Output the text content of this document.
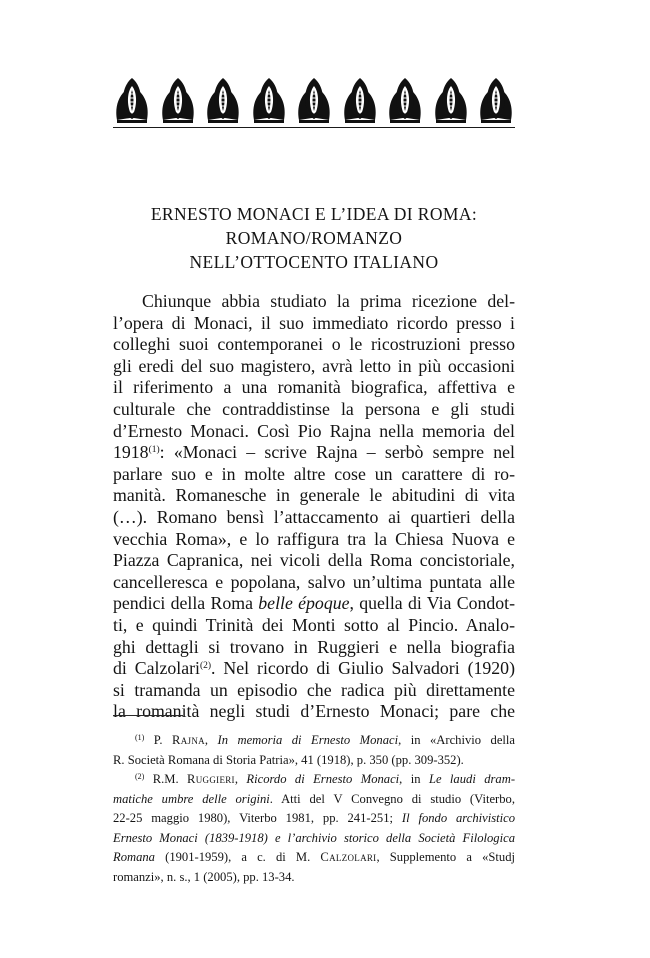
ERNESTO MONACI E L’IDEA DI ROMA:
ROMANO/ROMANZO
NELL’OTTOCENTO ITALIANO
Chiunque abbia studiato la prima ricezione del-
l’opera di Monaci, il suo immediato ricordo presso i
colleghi suoi contemporanei o le ricostruzioni presso
gli eredi del suo magistero, avrà letto in più occasioni
il riferimento a una romanità biografica, affettiva e
culturale che contraddistinse la persona e gli studi
d’Ernesto Monaci. Così Pio Rajna nella memoria del
1918$^{(1)}$: «Monaci – scrive Rajna – serbò sempre nel
parlare suo e in molte altre cose un carattere di ro-
manità. Romanesche in generale le abitudini di vita
(…). Romano bensì l’attaccamento ai quartieri della
vecchia Roma», e lo raffigura tra la Chiesa Nuova e
Piazza Capranica, nei vicoli della Roma concistoriale,
cancelleresca e popolana, salvo un’ultima puntata alle
pendici della Roma belle époque, quella di Via Condot-
ti, e quindi Trinità dei Monti sotto al Pincio. Analo-
ghi dettagli si trovano in Ruggieri e nella biografia
di Calzolari$^{(2)}$. Nel ricordo di Giulio Salvadori (1920)
si tramanda un episodio che radica più direttamente
la romanità negli studi d’Ernesto Monaci; pare che
$^{(1)}$ P. Rajna, In memoria di Ernesto Monaci, in «Archivio della
R. Società Romana di Storia Patria», 41 (1918), p. 350 (pp. 309-352).
$^{(2)}$ R.M. Ruggieri, Ricordo di Ernesto Monaci, in Le laudi dram-
matiche umbre delle origini. Atti del V Convegno di studio (Viterbo,
22-25 maggio 1980), Viterbo 1981, pp. 241-251; Il fondo archivistico
Ernesto Monaci (1839-1918) e l’archivio storico della Società Filologica
Romana (1901-1959), a c. di M. Calzolari, Supplemento a «Studj
romanzi», n. s., 1 (2005), pp. 13-34.
